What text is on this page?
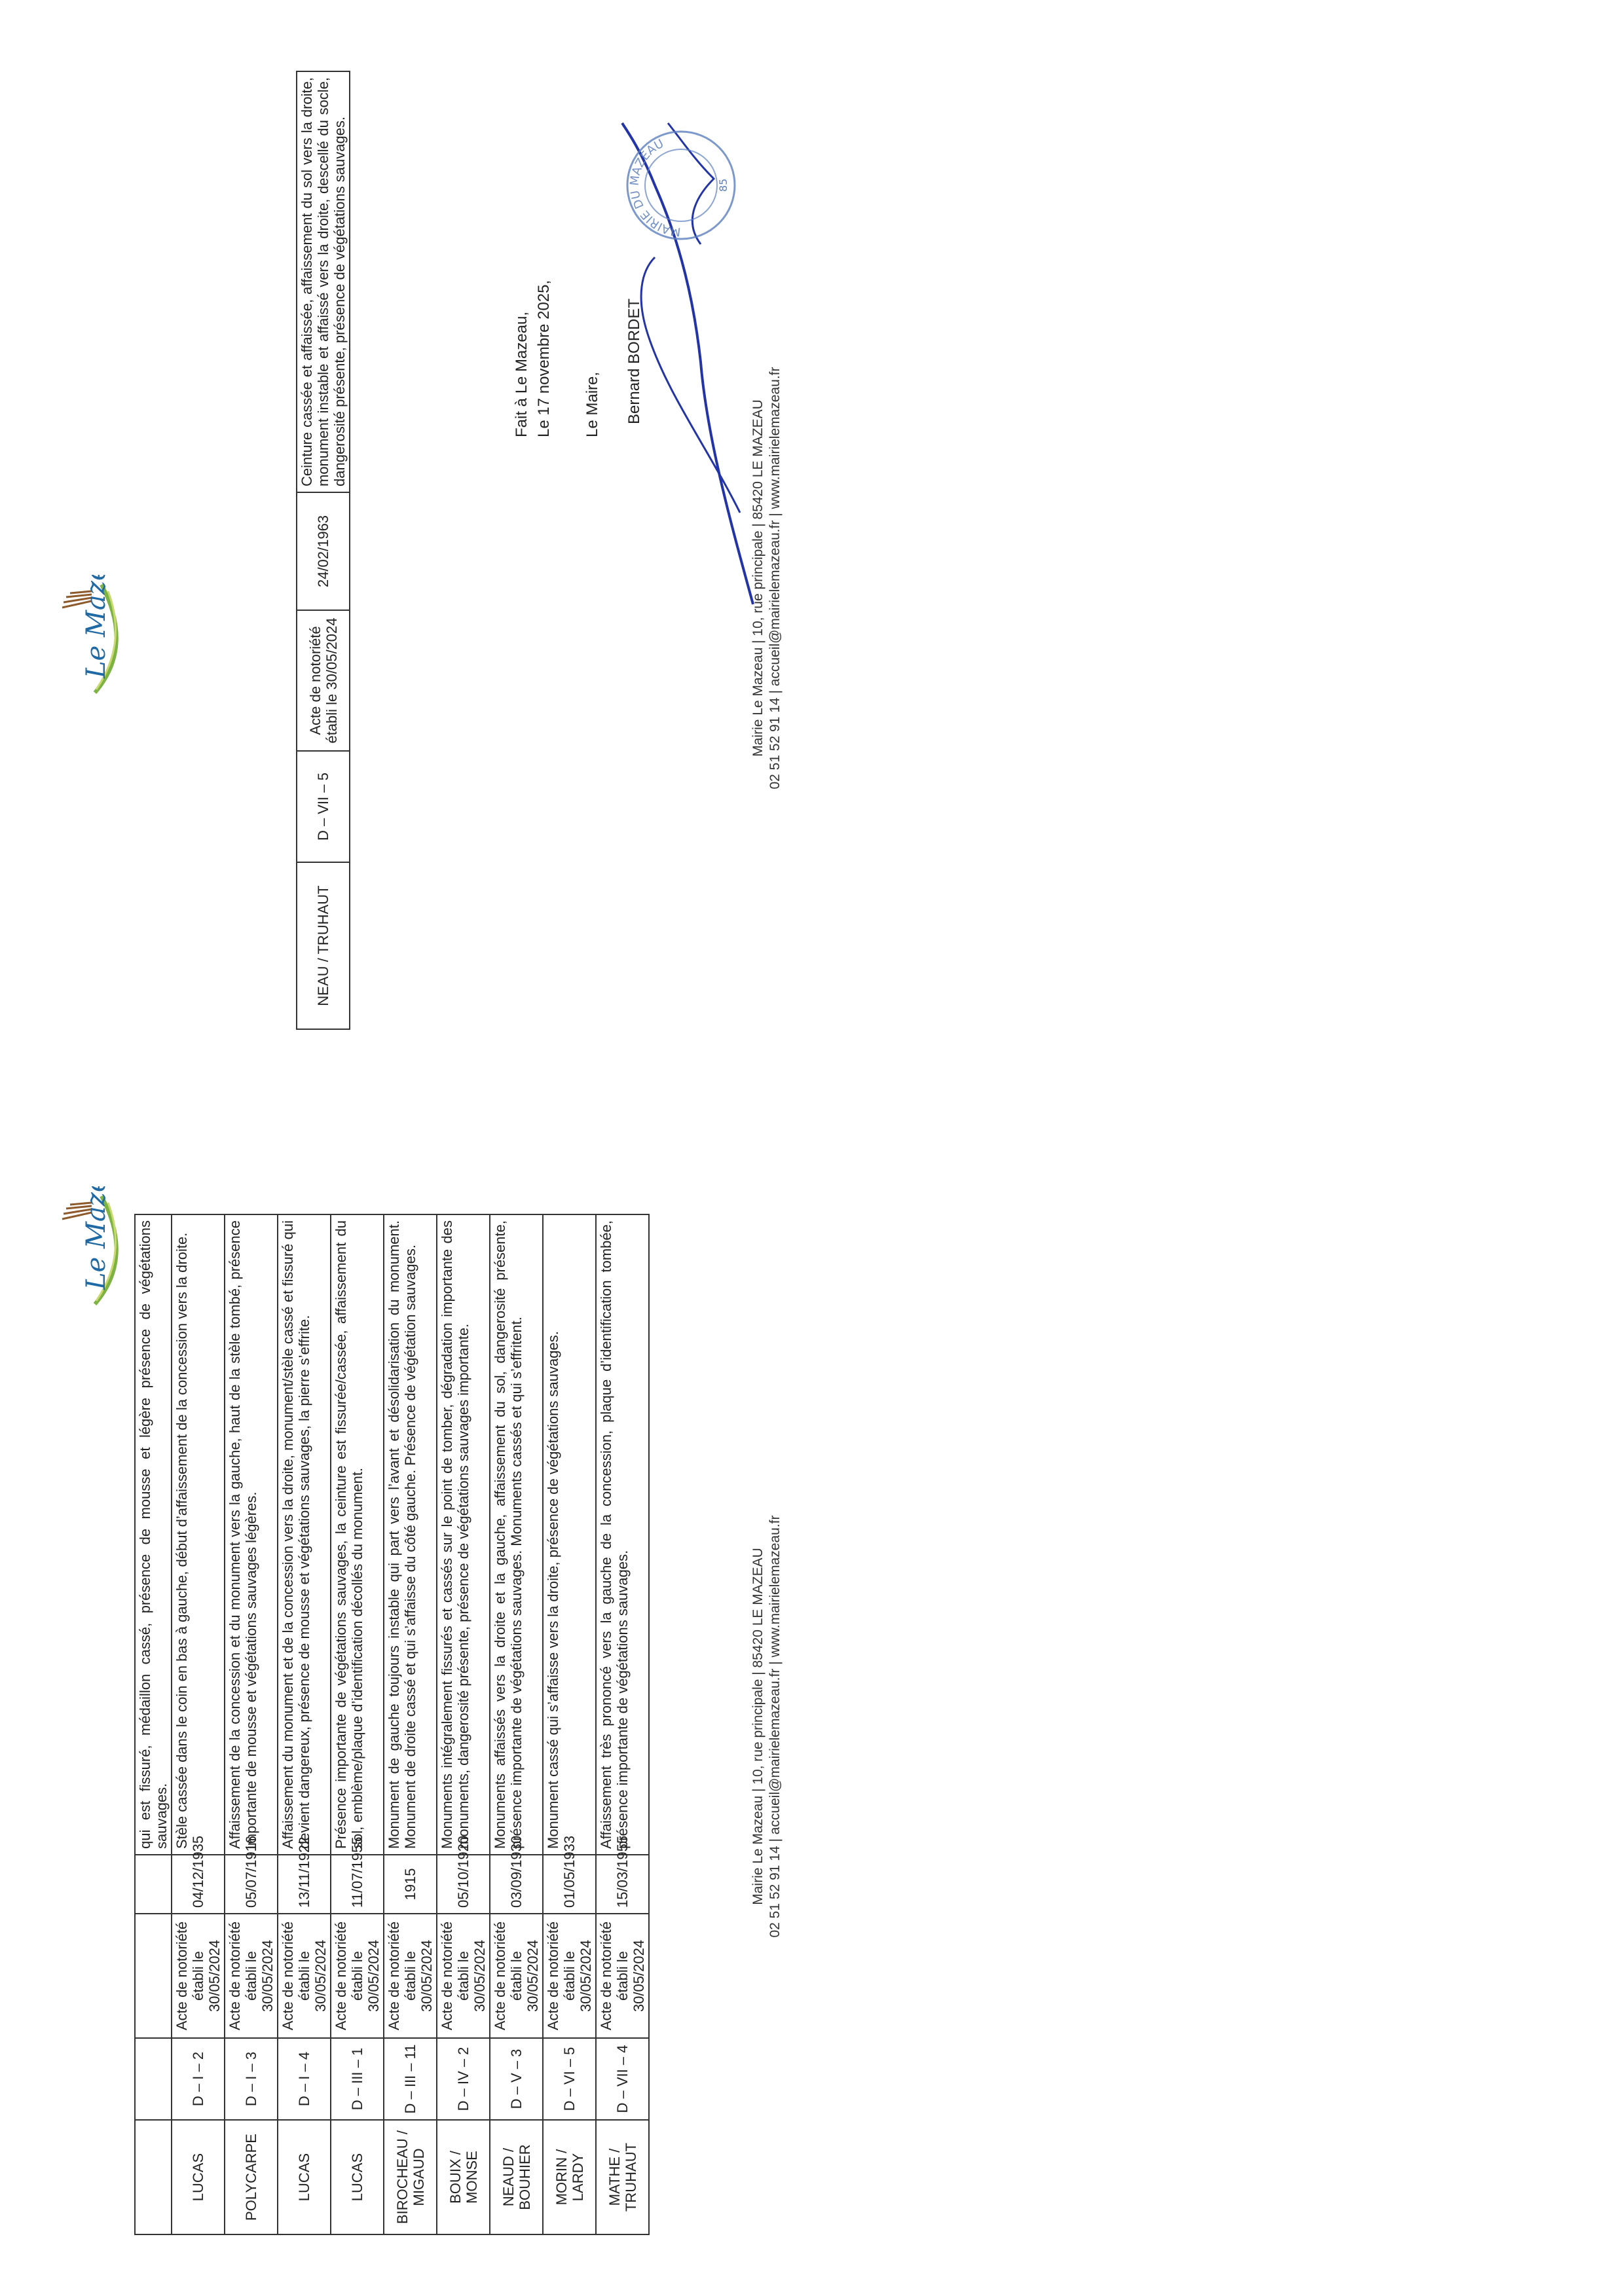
Le Mazeau
				qui est fissuré, médaillon cassé, présence de mousse et légère présence de végétations sauvages.
LUCAS	D – I – 2	Acte de notoriété établi le 30/05/2024	04/12/1935	Stèle cassée dans le coin en bas à gauche, début d’affaissement de la concession vers la droite.
POLYCARPE	D – I – 3	Acte de notoriété établi le 30/05/2024	05/07/1916	Affaissement de la concession et du monument vers la gauche, haut de la stèle tombé, présence importante de mousse et végétations sauvages légères.
LUCAS	D – I – 4	Acte de notoriété établi le 30/05/2024	13/11/1922	Affaissement du monument et de la concession vers la droite, monument/stèle cassé et fissuré qui devient dangereux, présence de mousse et végétations sauvages, la pierre s’effrite.
LUCAS	D – III – 1	Acte de notoriété établi le 30/05/2024	11/07/1955	Présence importante de végétations sauvages, la ceinture est fissurée/cassée, affaissement du sol, emblème/plaque d’identification décollés du monument.
BIROCHEAU / MIGAUD	D – III – 11	Acte de notoriété établi le 30/05/2024	1915	Monument de gauche toujours instable qui part vers l’avant et désolidarisation du monument. Monument de droite cassé et qui s’affaisse du côté gauche. Présence de végétation sauvages.
BOUIX / MONSE	D – IV – 2	Acte de notoriété établi le 30/05/2024	05/10/1920	Monuments intégralement fissurés et cassés sur le point de tomber, dégradation importante des monuments, dangerosité présente, présence de végétations sauvages importante.
NEAUD / BOUHIER	D – V – 3	Acte de notoriété établi le 30/05/2024	03/09/1930	Monuments affaissés vers la droite et la gauche, affaissement du sol, dangerosité présente, présence importante de végétations sauvages. Monuments cassés et qui s’effritent.
MORIN / LARDY	D – VI – 5	Acte de notoriété établi le 30/05/2024	01/05/1933	Monument cassé qui s’affaisse vers la droite, présence de végétations sauvages.
MATHE / TRUHAUT	D – VII – 4	Acte de notoriété établi le 30/05/2024	15/03/1955	Affaissement très prononcé vers la gauche de la concession, plaque d’identification tombée, présence importante de végétations sauvages.	Mairie Le Mazeau | 10, rue principale | 85420 LE MAZEAU 02 51 52 91 14 | accueil@mairielemazeau.fr | www.mairielemazeau.fr
Le Mazeau
NEAU / TRUHAUT	D – VII – 5	Acte de notoriété établi le 30/05/2024	24/02/1963	Ceinture cassée et affaissée, affaissement du sol vers la droite, monument instable et affaissé vers la droite, descellé du socle, dangerosité présente, présence de végétations sauvages.	Fait à Le Mazeau, Le 17 novembre 2025, Le Maire, Bernard BORDET
MAIRIE DU MAZEAU
85
Mairie Le Mazeau | 10, rue principale | 85420 LE MAZEAU 02 51 52 91 14 | accueil@mairielemazeau.fr | www.mairielemazeau.fr
